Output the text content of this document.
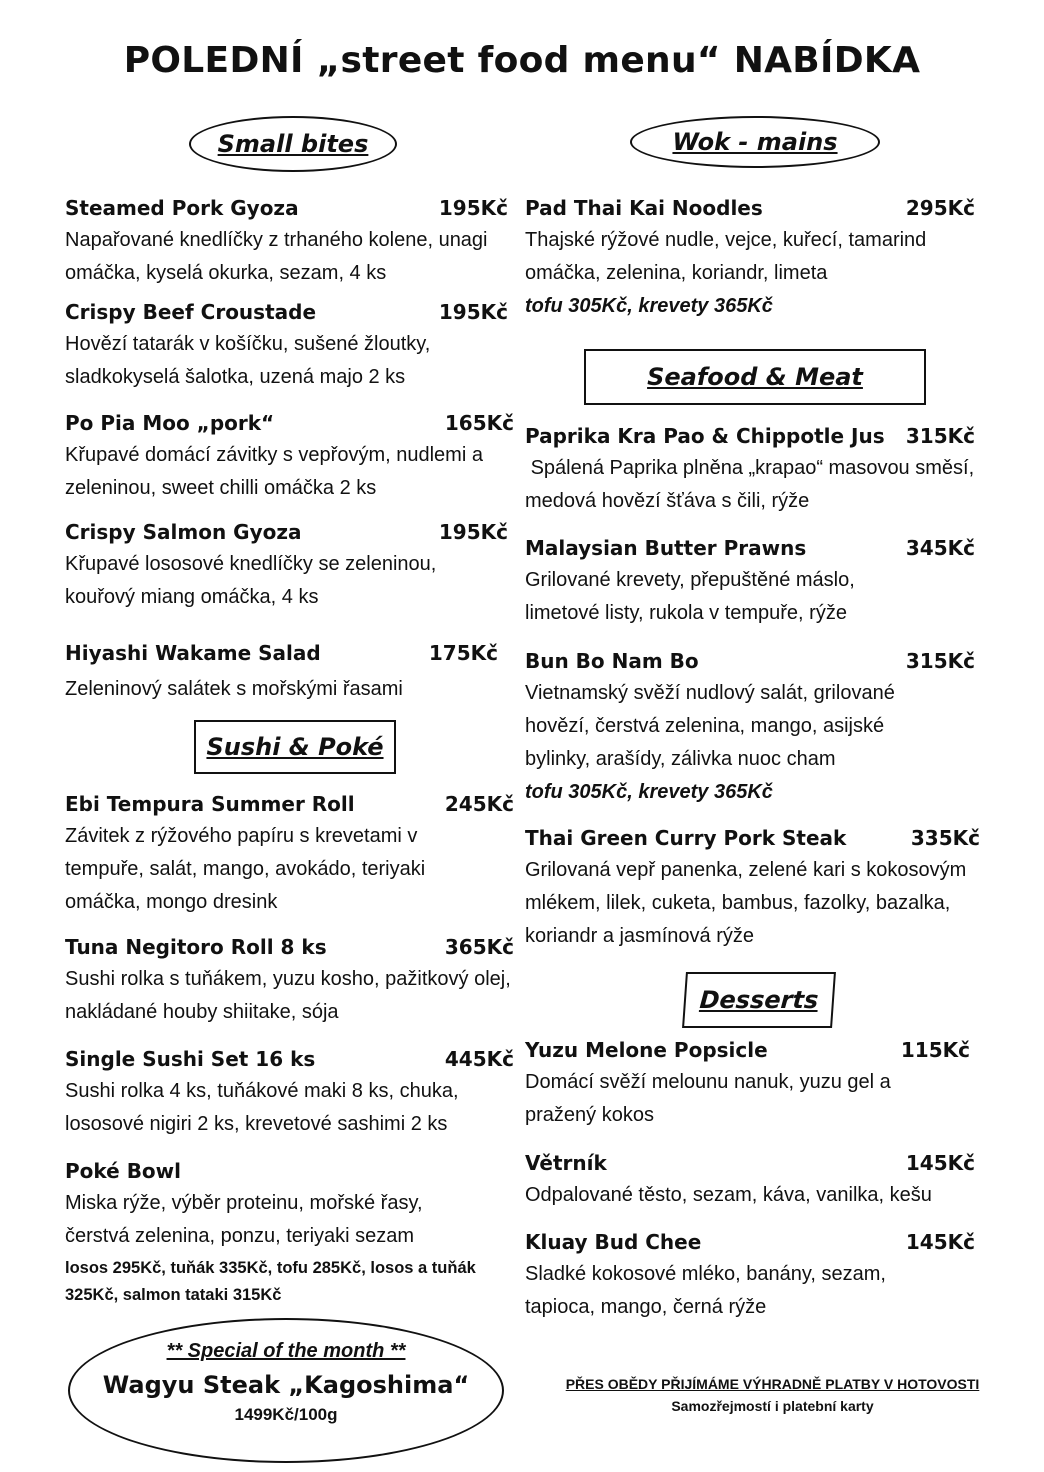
POLEDNÍ „street food menu“ NABÍDKA
Small bites	Wok - mains
Seafood & Meat
Sushi & Poké
Desserts
Steamed Pork Gyoza	195Kč
Napařované knedlíčky z trhaného kolene, unagi omáčka, kyselá okurka, sezam, 4 ks
Crispy Beef Croustade	195Kč
Hovězí tatarák v košíčku, sušené žloutky, sladkokyselá šalotka, uzená majo 2 ks
Po Pia Moo „pork“	165Kč
Křupavé domácí závitky s vepřovým, nudlemi a zeleninou, sweet chilli omáčka 2 ks
Crispy Salmon Gyoza	195Kč
Křupavé lososové knedlíčky se zeleninou, kouřový miang omáčka, 4 ks
Hiyashi Wakame Salad	175Kč
Zeleninový salátek s mořskými řasami
Ebi Tempura Summer Roll	245Kč
Závitek z rýžového papíru s krevetami v tempuře, salát, mango, avokádo, teriyaki omáčka, mongo dresink
Tuna Negitoro Roll 8 ks	365Kč
Sushi rolka s tuňákem, yuzu kosho, pažitkový olej, nakládané houby shiitake, sója
Single Sushi Set 16 ks	445Kč
Sushi rolka 4 ks, tuňákové maki 8 ks, chuka, lososové nigiri 2 ks, krevetové sashimi 2 ks
Poké Bowl
Miska rýže, výběr proteinu, mořské řasy, čerstvá zelenina, ponzu, teriyaki sezam
losos 295Kč, tuňák 335Kč, tofu 285Kč, losos a tuňák 325Kč, salmon tataki 315Kč
Pad Thai Kai Noodles	295Kč
Thajské rýžové nudle, vejce, kuřecí, tamarind omáčka, zelenina, koriandr, limeta
tofu 305Kč, krevety 365Kč
Paprika Kra Pao & Chippotle Jus 315Kč
Spálená Paprika plněna „krapao“ masovou směsí, medová hovězí šťáva s čili, rýže
Malaysian Butter Prawns	345Kč
Grilované krevety, přepuštěné máslo, limetové listy, rukola v tempuře, rýže
Bun Bo Nam Bo	315Kč
Vietnamský svěží nudlový salát, grilované hovězí, čerstvá zelenina, mango, asijské bylinky, arašídy, zálivka nuoc cham
tofu 305Kč, krevety 365Kč
Thai Green Curry Pork Steak	335Kč
Grilovaná vepř panenka, zelené kari s kokosovým mlékem, lilek, cuketa, bambus, fazolky, bazalka, koriandr a jasmínová rýže
Yuzu Melone Popsicle	115Kč
Domácí svěží melounu nanuk, yuzu gel a pražený kokos
Větrník	145Kč
Odpalované těsto, sezam, káva, vanilka, kešu
Kluay Bud Chee	145Kč
Sladké kokosové mléko, banány, sezam, tapioca, mango, černá rýže
** Special of the month **
Wagyu Steak „Kagoshima“
1499Kč/100g
PŘES OBĚDY PŘIJÍMÁME VÝHRADNĚ PLATBY V HOTOVOSTI
Samozřejmostí i platební karty
